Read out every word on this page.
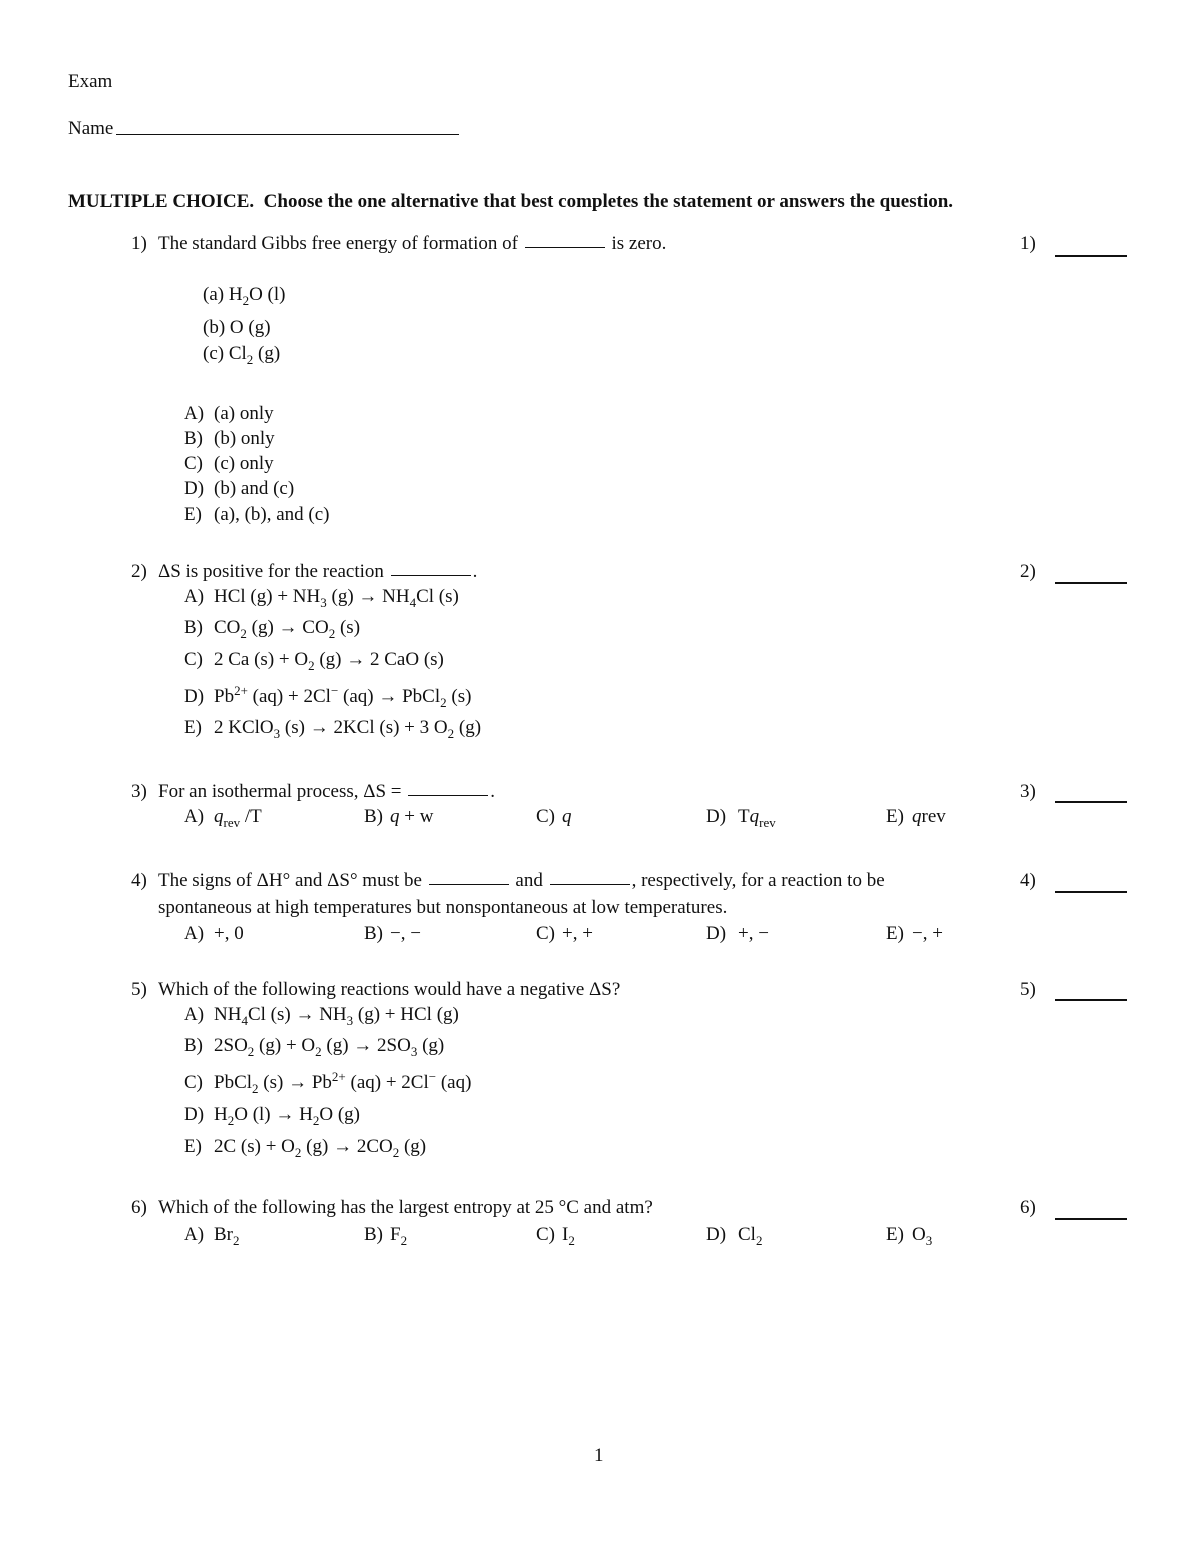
Exam
Name
MULTIPLE CHOICE. Choose the one alternative that best completes the statement or answers the question.
1) The standard Gibbs free energy of formation of	is zero.	1)
(a) $H_2O$ (l)
(b) O (g)
(c) $Cl_2$ (g)
A) (a) only
B) (b) only
C) (c) only
D) (b) and (c)
E) (a), (b), and (c)
2) ΔS is positive for the reaction	.	2)
A) HCl $(g) + NH_3$ $(g) \to NH_4Cl$ (s)
B) $CO_2$ $(g) \to CO_2$ (s)
C) 2 Ca $(s) + O_2$ (g) → 2 CaO (s)
D) $Pb^{2+}$ (aq) + 2Cl− (aq) → PbCl$_2$ (s)
E) 2 KClO$_3$ (s) → 2KCl (s) + 3 $O_2$ (g)
3) For an isothermal process, ΔS =	.	3)
A) $q_{rev}$ /T	B) q + w	C) q	D) $Tq_{rev}$	E) qrev
4) The signs of ΔH° and ΔS° must be	and	, respectively, for a reaction to be
spontaneous at high temperatures but nonspontaneous at low temperatures.
4)
A) +, 0	B) −, −	C) +, +	D) +, −	E) −, +
5) Which of the following reactions would have a negative ΔS?	5)
A) $NH_4Cl$ $(s) \to NH_3$ (g) + HCl (g)
B) $2SO_2$ $(g) + O_2$ $(g) \to 2SO_3$ (g)
C) PbCl$_2$ $(s) \to Pb^{2+}$ (aq) + 2Cl− (aq)
D) $H_2O$ $(l) \to H_2O$ (g)
E) 2C $(s) + O_2$ $(g) \to 2CO_2$ (g)
6) Which of the following has the largest entropy at 25 °C and atm?	6)
A) $Br_2$	B) $F_2$	C) $I_2$	D) $Cl_2$	E) $O_3$
1
